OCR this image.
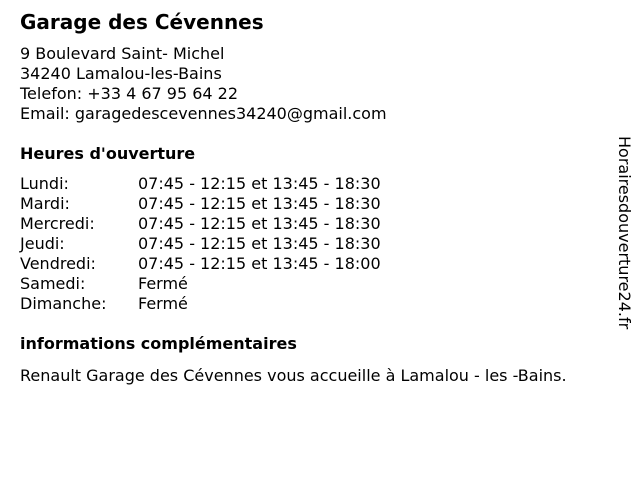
Garage des Cévennes
9 Boulevard Saint- Michel
34240 Lamalou-les-Bains
Telefon: +33 4 67 95 64 22
Email: garagedescevennes34240@gmail.com
Heures d'ouverture
Lundi:	07:45 - 12:15 et 13:45 - 18:30
Mardi:	07:45 - 12:15 et 13:45 - 18:30
Mercredi:	07:45 - 12:15 et 13:45 - 18:30
Jeudi:	07:45 - 12:15 et 13:45 - 18:30
Vendredi:	07:45 - 12:15 et 13:45 - 18:00
Samedi:	Fermé
Dimanche:	Fermé
informations complémentaires
Renault Garage des Cévennes vous accueille à Lamalou - les -Bains.
Horairesdouverture24.fr
